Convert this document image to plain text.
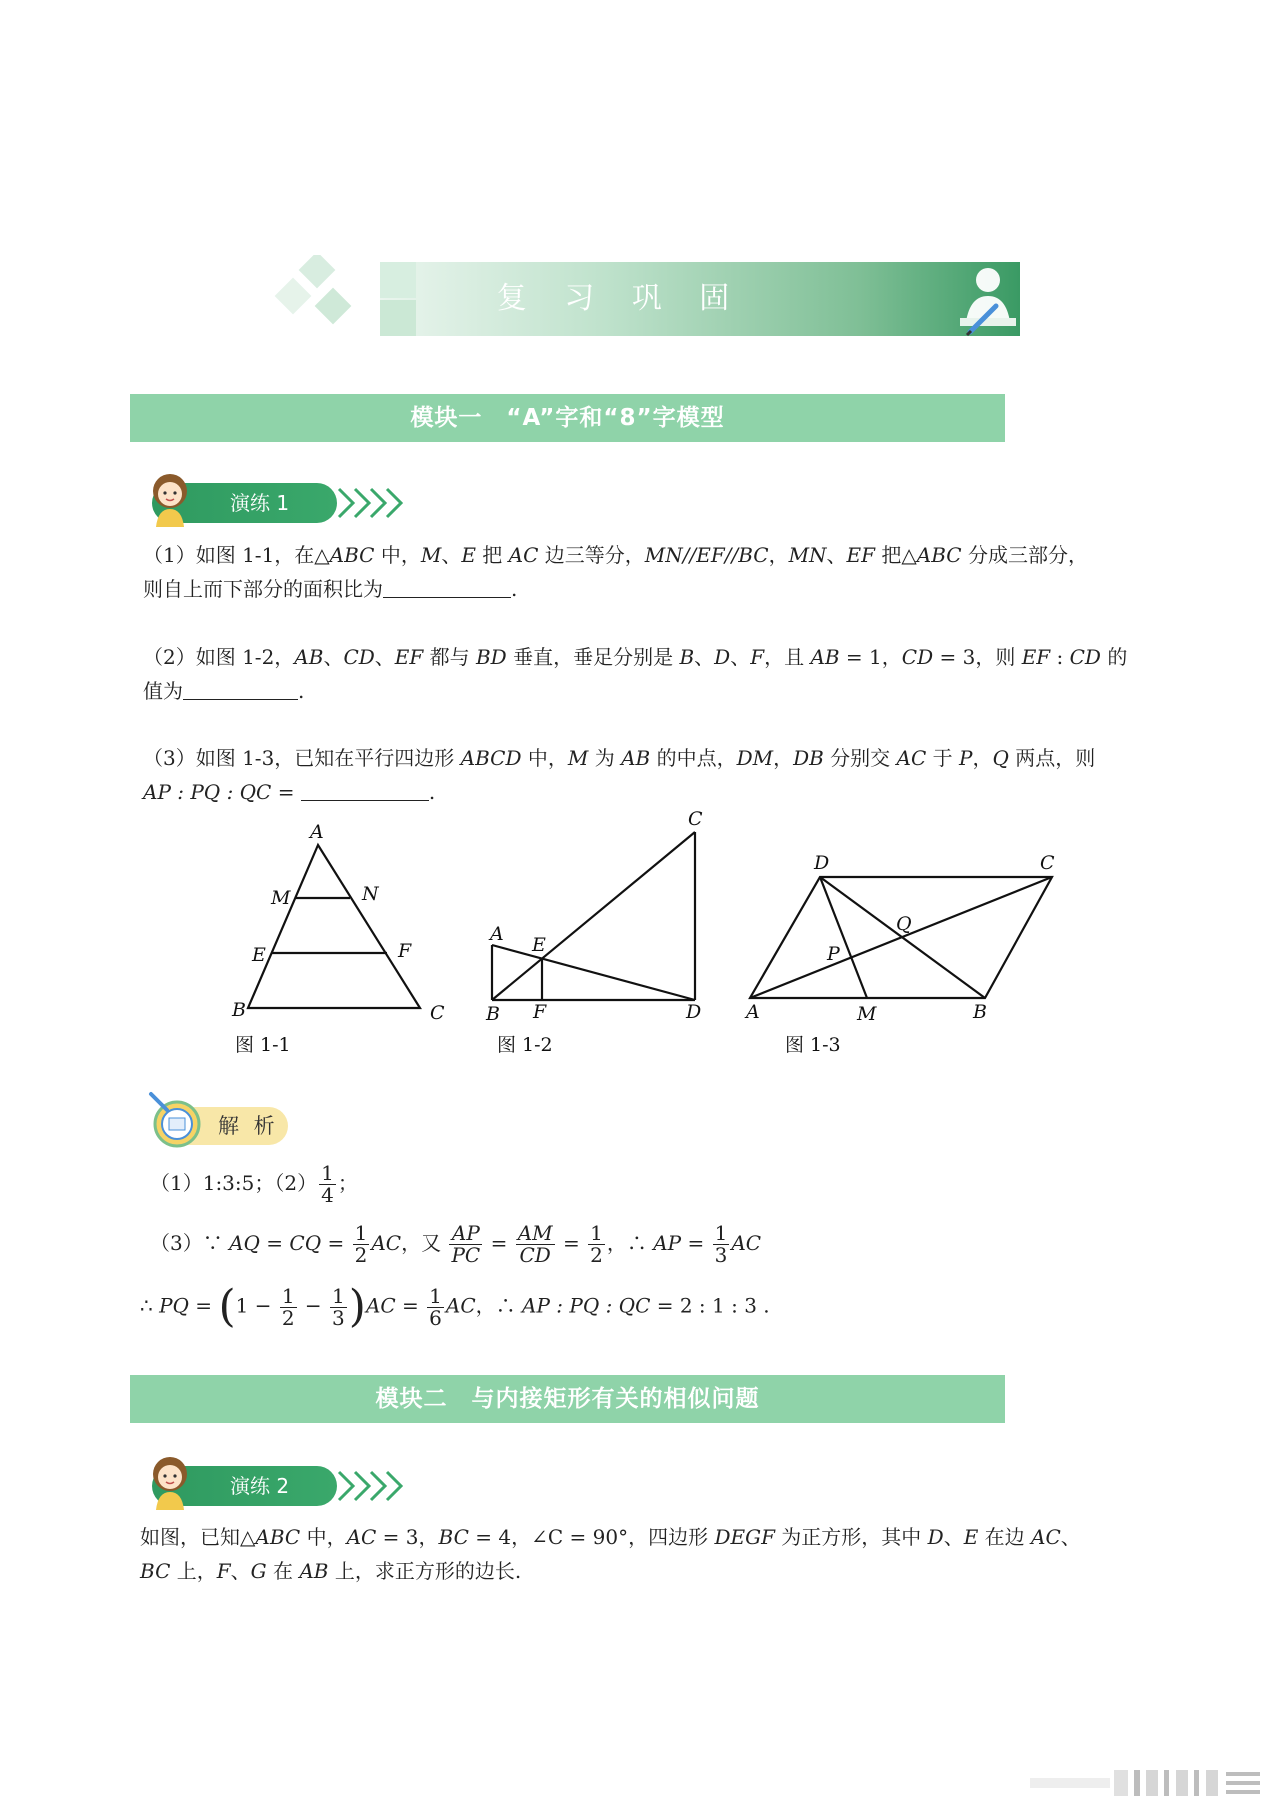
复 习 巩 固
模块一　“A”字和“8”字模型
演练 1
（1）如图 1-1，在△ABC 中，M、E 把 AC 边三等分，MN//EF//BC，MN、EF 把△ABC 分成三部分，
则自上而下部分的面积比为	.
（2）如图 1-2，AB、CD、EF 都与 BD 垂直，垂足分别是 B、D、F，且 AB = 1，CD = 3，则 EF : CD 的
值为	.
（3）如图 1-3，已知在平行四边形 ABCD 中，M 为 AB 的中点，DM，DB 分别交 AC 于 P，Q 两点，则
AP : PQ : QC =	.
A
M	N
E	F
B	C
A E
C
B F	D
D	C
Q
P
A	M	B
图 1-1	图 1-2	图 1-3
解 析
（1）1:3:5；$(2) \frac{1}{4}$ ；
（3）∵ AQ = CQ = $\frac{1}{2}$ AC，又 $\frac{AP}{PC} = \frac{AM}{CD} = \frac{1}{2}$ ，∴ AP = $\frac{1}{3}$ AC
∴ PQ = $(1 - \frac{1}{2} - \frac{1}{3} )AC = \frac{1}{6}$ AC，∴ AP : PQ : QC = 2 : 1 : 3 .
模块二　与内接矩形有关的相似问题
演练 2
如图，已知△ABC 中，AC = 3，BC = 4，∠C = 90°，四边形 DEGF 为正方形，其中 D、E 在边 AC、
BC 上，F、G 在 AB 上，求正方形的边长.
